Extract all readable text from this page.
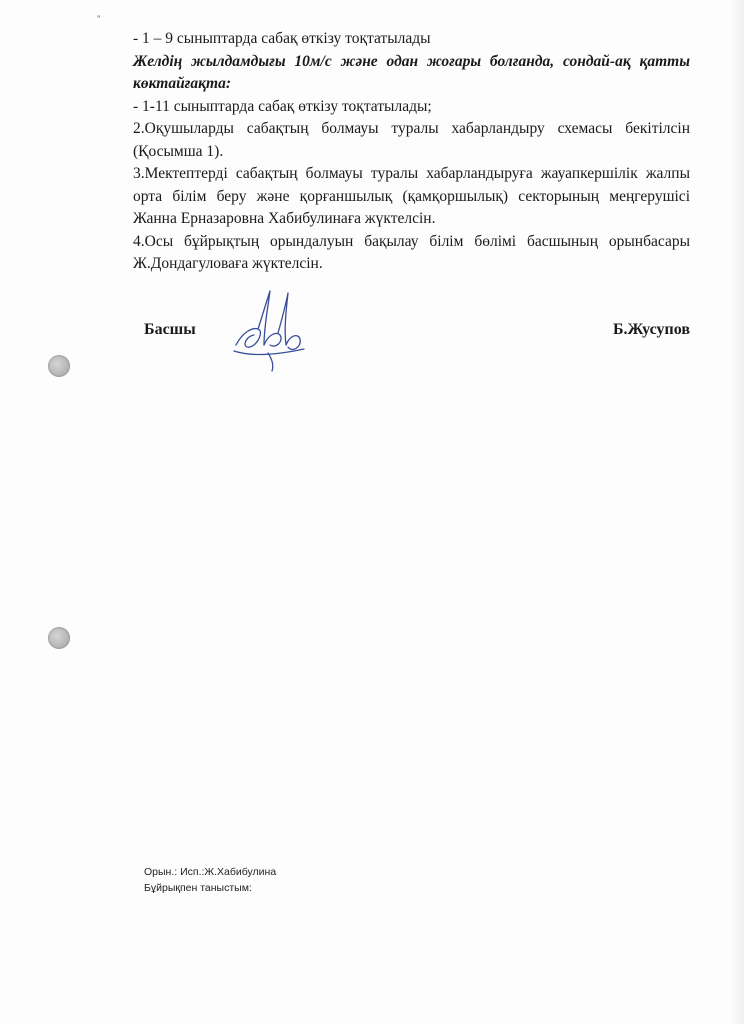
"

- 1 – 9 сыныптарда сабақ өткізу тоқтатылады

Желдің жылдамдығы 10м/с және одан жоғары болғанда, сондай-ақ қатты көктайғақта:

- 1-11 сыныптарда сабақ өткізу тоқтатылады;

2.Оқушыларды сабақтың болмауы туралы хабарландыру схемасы бекітілсін (Қосымша 1).

3.Мектептерді сабақтың болмауы туралы хабарландыруға жауапкершілік жалпы орта білім беру және қорғаншылық (қамқоршылық) секторының меңгерушісі Жанна Ерназаровна Хабибулинаға жүктелсін.

4.Осы бұйрықтың орындалуын бақылау білім бөлімі басшының орынбасары Ж.Дондагуловаға жүктелсін.

Басшы	Б.Жусупов

Орын.: Исп.:Ж.Хабибулина

Бұйрықпен таныстым:
